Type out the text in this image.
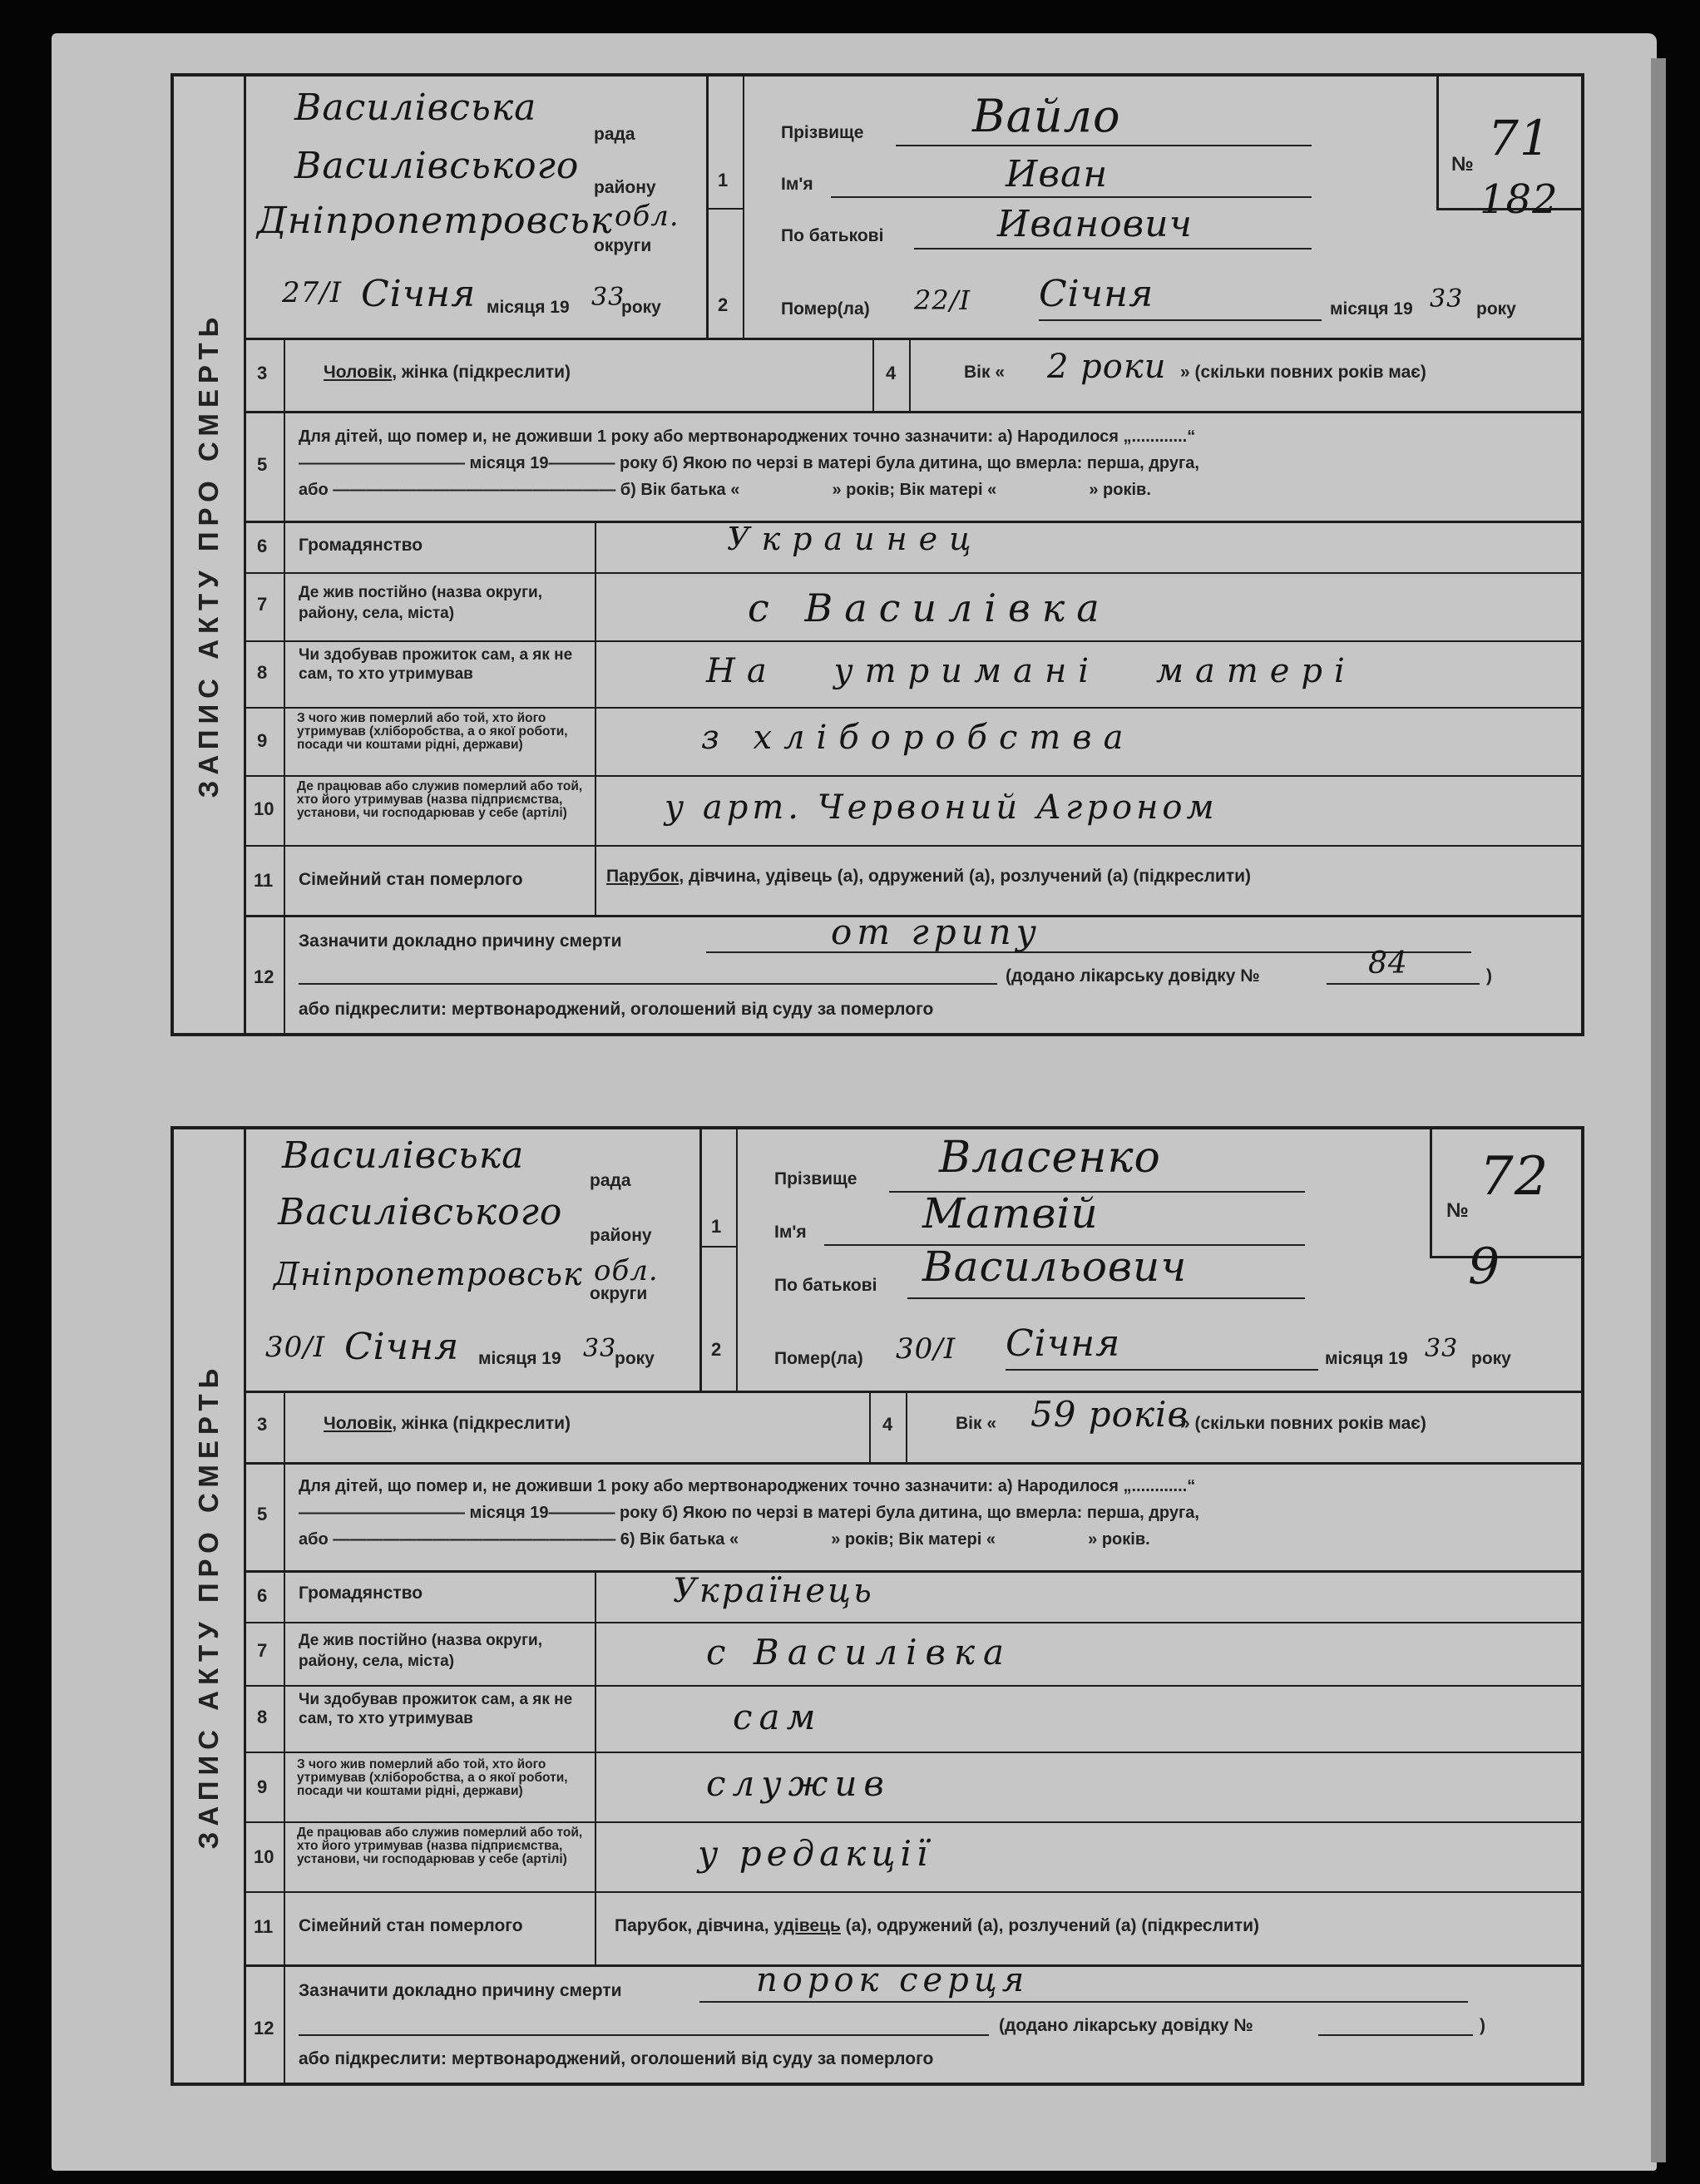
ЗАПИС АКТУ ПРО СМЕРТЬ
Василівська
рада
Василівського
району
Дніпропетровськ обл.
округи
27/I Січня місяця 19 33
року
1
2
Прізвище Вайло
Ім'я	Иван
По батькові	Иванович
№ 71
182
Помер(ла) 22/I Січня	місяця 19 33 року
3	Чоловік, жінка (підкреслити)	4	Вік « 2 роки » (скільки повних років має)
5
Для дітей, що помер и, не доживши 1 року або мертвонароджених точно зазначити: а) Народилося „............“
—————————— місяця 19———— року б) Якою по черзі в матері була дитина, що вмерла: перша, друга,
або ————————————————— б) Вік батька «                    » років; Вік матері «                    » років.
6 Громадянство	Украинец
7
Де жив постійно (назва округи, району, села, міста)	с Василівка
8
Чи здобував прожиток сам, а як не сам, то хто утримував	На утримані матері
9
З чого жив померлий або той, хто його утримував (хліборобства, а о якої роботи, посади чи коштами рідні, держави)	з хліборобства
10
Де працював або служив померлий або той, хто його утримував (назва підприємства, установи, чи господарював у себе (артілі)	у арт. Червоний Агроном
11 Сімейний стан померлого	Парубок, дівчина, удівець (а), одружений (а), розлучений (а) (підкреслити)
12
Зазначити докладно причину смерти	от грипу
(додано лікарську довідку №	84	)
або підкреслити: мертвонароджений, оголошений від суду за померлого
ЗАПИС АКТУ ПРО СМЕРТЬ
Василівська
рада
Василівського
району
Дніпропетровськ обл.
округи
30/I Січня місяця 19 33
року
1
2
Прізвище Власенко
Ім'я	Матвій
По батькові Васильович
№
72
9
Помер(ла) 30/I Січня	місяця 19 33 року
3	Чоловік, жінка (підкреслити)	4	Вік « 59 років
» (скільки повних років має)
5
Для дітей, що помер и, не доживши 1 року або мертвонароджених точно зазначити: а) Народилося „............“
—————————— місяця 19———— року б) Якою по черзі в матері була дитина, що вмерла: перша, друга,
або ————————————————— 6) Вік батька «                    » років; Вік матері «                    » років.
6 Громадянство	Українець
7 Де жив постійно (назва округи, району, села, міста)	с Василівка
8
Чи здобував прожиток сам, а як не сам, то хто утримував	сам
9
З чого жив померлий або той, хто його утримував (хліборобства, а о якої роботи, посади чи коштами рідні, держави)	служив
10
Де працював або служив померлий або той, хто його утримував (назва підприємства, установи, чи господарював у себе (артілі)	у редакції
11 Сімейний стан померлого	Парубок, дівчина, удівець (а), одружений (а), розлучений (а) (підкреслити)
12
Зазначити докладно причину смерти	порок серця
(додано лікарську довідку №	)
або підкреслити: мертвонароджений, оголошений від суду за померлого
